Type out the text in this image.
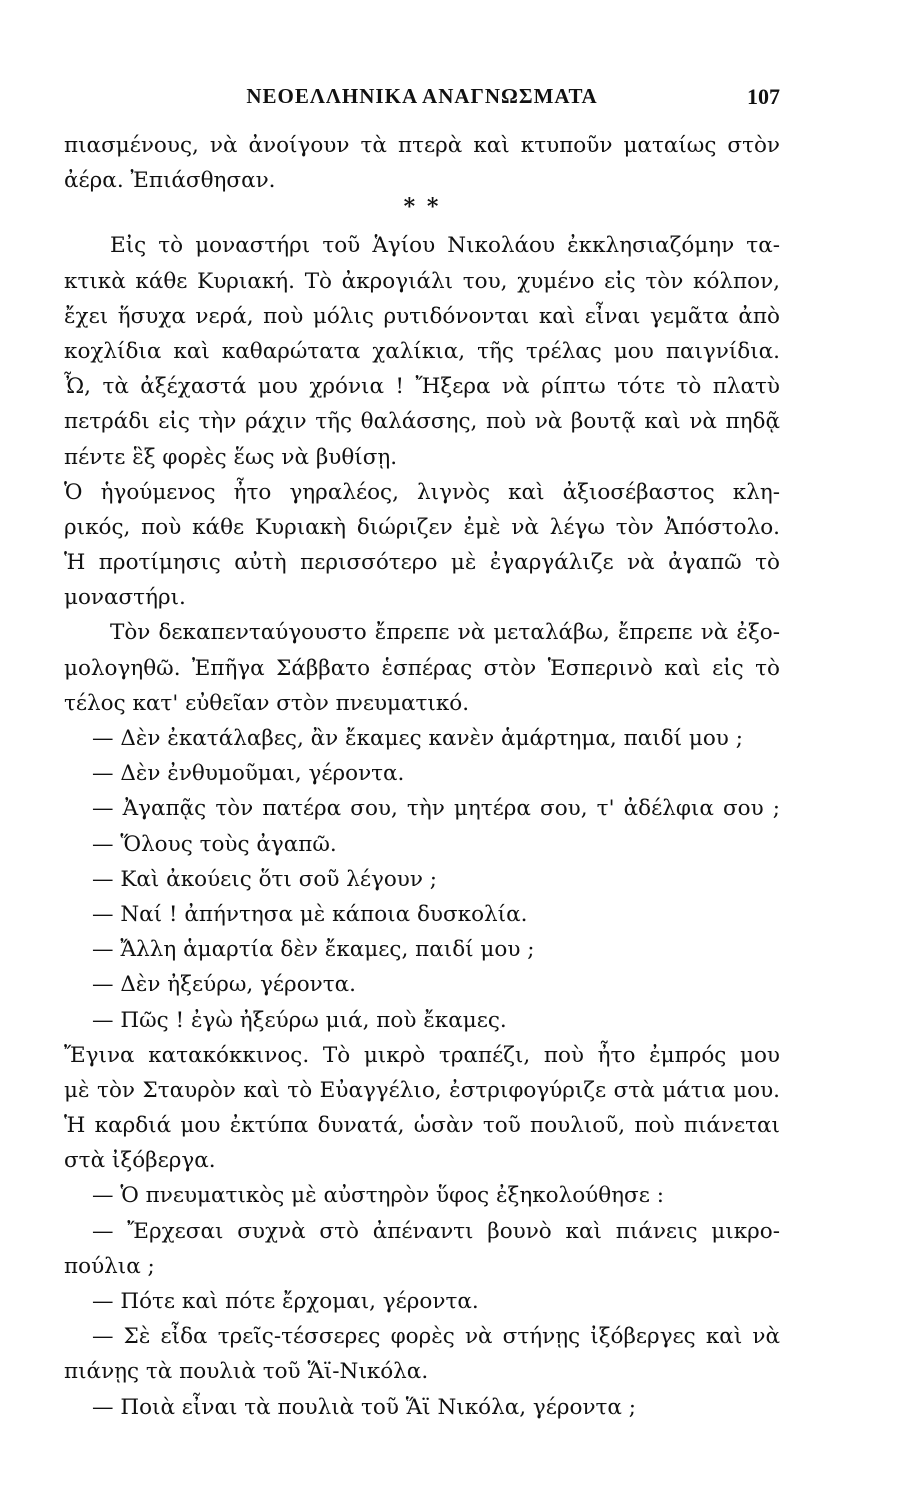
ΝΕΟΕΛΛΗΝΙΚΑ ΑΝΑΓΝΩΣΜΑΤΑ	107
πιασμένους, νὰ ἀνοίγουν τὰ πτερὰ καὶ κτυποῦν ματαίως στὸν
ἀέρα. Ἐπιάσθησαν.
* *
Εἰς τὸ μοναστήρι τοῦ Ἁγίου Νικολάου ἐκκλησιαζόμην τα-
κτικὰ κάθε Κυριακή. Τὸ ἀκρογιάλι του, χυμένο εἰς τὸν κόλπον,
ἔχει ἥσυχα νερά, ποὺ μόλις ρυτιδόνονται καὶ εἶναι γεμᾶτα ἀπὸ
κοχλίδια καὶ καθαρώτατα χαλίκια, τῆς τρέλας μου παιγνίδια.
Ὦ, τὰ ἀξέχαστά μου χρόνια ! Ἤξερα νὰ ρίπτω τότε τὸ πλατὺ
πετράδι εἰς τὴν ράχιν τῆς θαλάσσης, ποὺ νὰ βουτᾷ καὶ νὰ πηδᾷ
πέντε ἓξ φορὲς ἕως νὰ βυθίσῃ.
Ὁ ἡγούμενος ἦτο γηραλέος, λιγνὸς καὶ ἀξιοσέβαστος κλη-
ρικός, ποὺ κάθε Κυριακὴ διώριζεν ἐμὲ νὰ λέγω τὸν Ἀπόστολο.
Ἡ προτίμησις αὐτὴ περισσότερο μὲ ἐγαργάλιζε νὰ ἀγαπῶ τὸ
μοναστήρι.
Τὸν δεκαπενταύγουστο ἔπρεπε νὰ μεταλάβω, ἔπρεπε νὰ ἐξο-
μολογηθῶ. Ἐπῆγα Σάββατο ἑσπέρας στὸν Ἑσπερινὸ καὶ εἰς τὸ
τέλος κατ' εὐθεῖαν στὸν πνευματικό.
— Δὲν ἐκατάλαβες, ἂν ἔκαμες κανὲν ἁμάρτημα, παιδί μου ;
— Δὲν ἐνθυμοῦμαι, γέροντα.
— Ἀγαπᾷς τὸν πατέρα σου, τὴν μητέρα σου, τ' ἀδέλφια σου ;
— Ὅλους τοὺς ἀγαπῶ.
— Καὶ ἀκούεις ὅτι σοῦ λέγουν ;
— Ναί ! ἀπήντησα μὲ κάποια δυσκολία.
— Ἄλλη ἁμαρτία δὲν ἔκαμες, παιδί μου ;
— Δὲν ἠξεύρω, γέροντα.
— Πῶς ! ἐγὼ ἠξεύρω μιά, ποὺ ἔκαμες.
Ἔγινα κατακόκκινος. Τὸ μικρὸ τραπέζι, ποὺ ἦτο ἐμπρός μου
μὲ τὸν Σταυρὸν καὶ τὸ Εὐαγγέλιο, ἐστριφογύριζε στὰ μάτια μου.
Ἡ καρδιά μου ἐκτύπα δυνατά, ὡσὰν τοῦ πουλιοῦ, ποὺ πιάνεται
στὰ ἰξόβεργα.
— Ὁ πνευματικὸς μὲ αὐστηρὸν ὕφος ἐξηκολούθησε :
— Ἔρχεσαι συχνὰ στὸ ἀπέναντι βουνὸ καὶ πιάνεις μικρο-
πούλια ;
— Πότε καὶ πότε ἔρχομαι, γέροντα.
— Σὲ εἶδα τρεῖς-τέσσερες φορὲς νὰ στήνῃς ἰξόβεργες καὶ νὰ
πιάνῃς τὰ πουλιὰ τοῦ Ἅϊ-Νικόλα.
— Ποιὰ εἶναι τὰ πουλιὰ τοῦ Ἅϊ Νικόλα, γέροντα ;
